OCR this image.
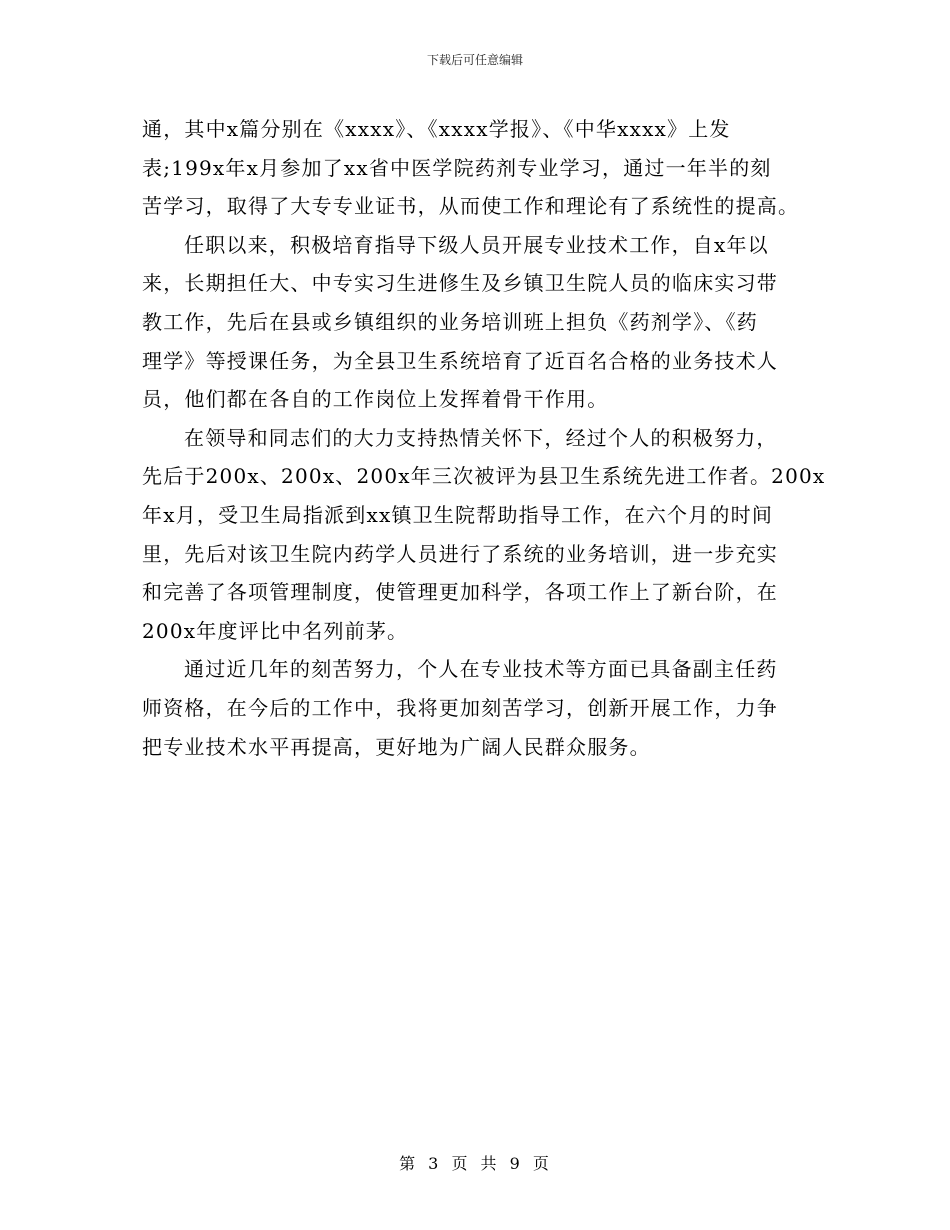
下载后可任意编辑
通，其中x篇分别在《xxxx》、《xxxx学报》、《中华xxxx》上发
表;199x年x月参加了xx省中医学院药剂专业学习，通过一年半的刻
苦学习，取得了大专专业证书，从而使工作和理论有了系统性的提高。
任职以来，积极培育指导下级人员开展专业技术工作，自x年以
来，长期担任大、中专实习生进修生及乡镇卫生院人员的临床实习带
教工作，先后在县或乡镇组织的业务培训班上担负《药剂学》、《药
理学》等授课任务，为全县卫生系统培育了近百名合格的业务技术人
员，他们都在各自的工作岗位上发挥着骨干作用。
在领导和同志们的大力支持热情关怀下，经过个人的积极努力，
先后于200x、200x、200x年三次被评为县卫生系统先进工作者。200x
年x月，受卫生局指派到xx镇卫生院帮助指导工作，在六个月的时间
里，先后对该卫生院内药学人员进行了系统的业务培训，进一步充实
和完善了各项管理制度，使管理更加科学，各项工作上了新台阶，在
200x年度评比中名列前茅。
通过近几年的刻苦努力，个人在专业技术等方面已具备副主任药
师资格，在今后的工作中，我将更加刻苦学习，创新开展工作，力争
把专业技术水平再提高，更好地为广阔人民群众服务。
第 3 页 共 9 页
